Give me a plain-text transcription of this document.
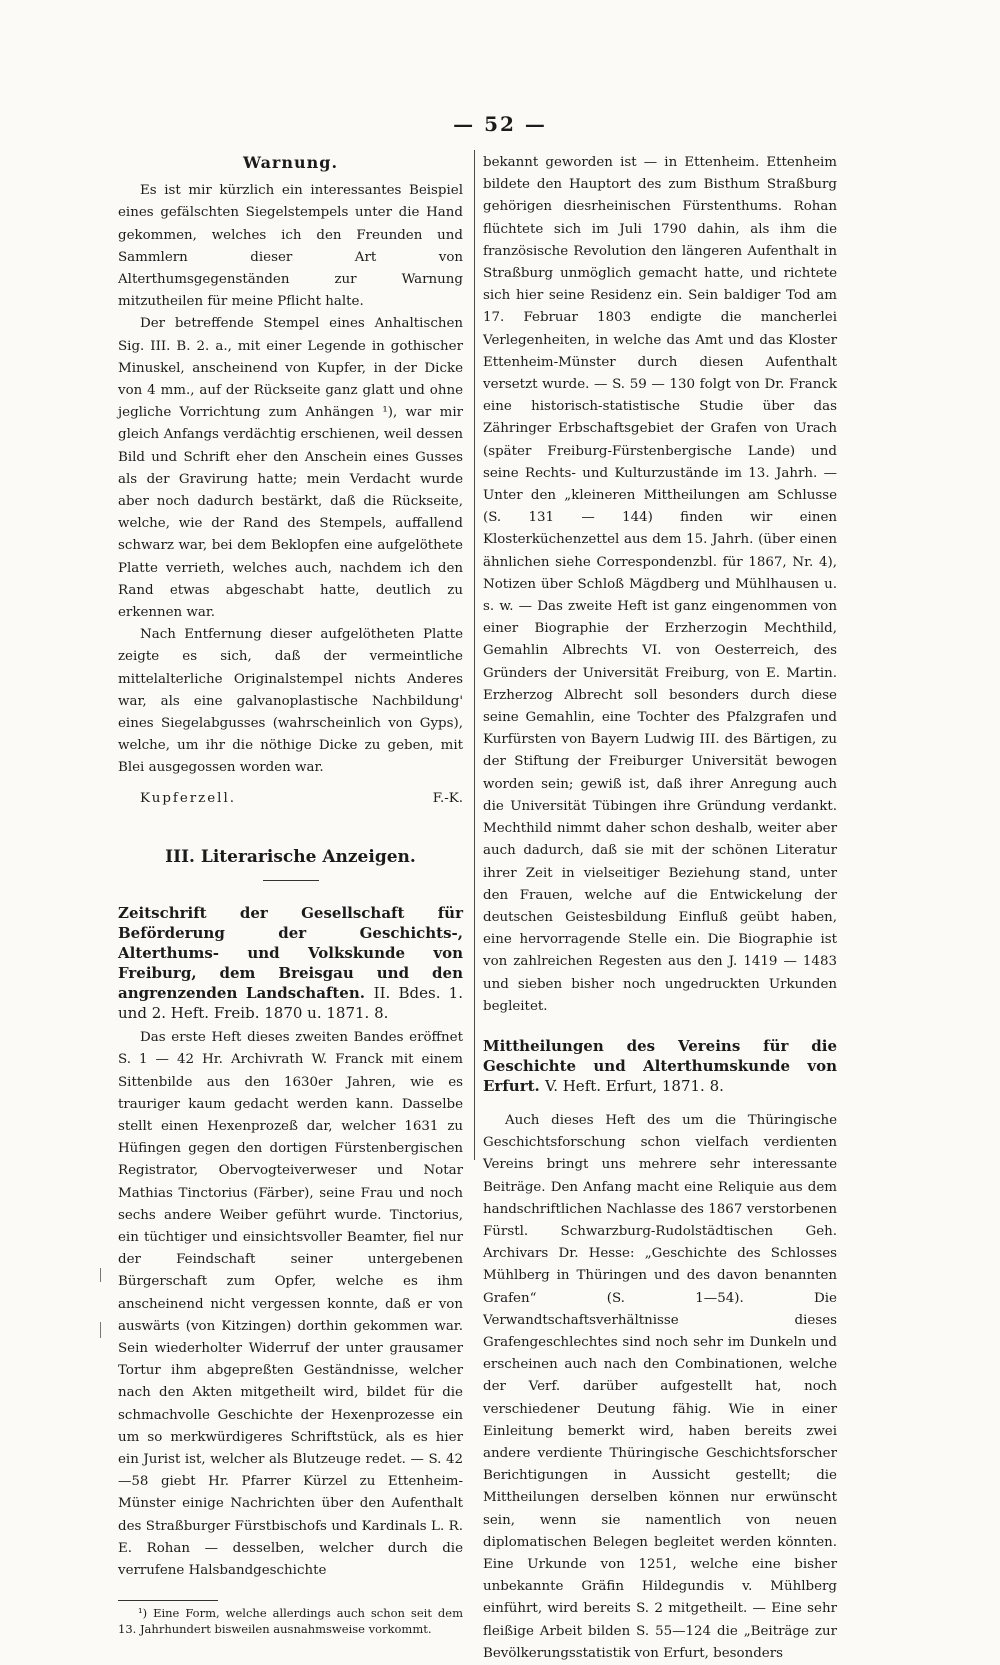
— 52 —
Warnung.

Es ist mir kürzlich ein interessantes Beispiel eines gefälschten Siegelstempels unter die Hand gekommen, welches ich den Freunden und Sammlern dieser Art von Alterthumsgegenständen zur Warnung mitzutheilen für meine Pflicht halte.

Der betreffende Stempel eines Anhaltischen Sig. III. B. 2. a., mit einer Legende in gothischer Minuskel, anscheinend von Kupfer, in der Dicke von 4 mm., auf der Rückseite ganz glatt und ohne jegliche Vorrichtung zum Anhängen ¹), war mir gleich Anfangs verdächtig erschienen, weil dessen Bild und Schrift eher den Anschein eines Gusses als der Gravirung hatte; mein Verdacht wurde aber noch dadurch bestärkt, daß die Rückseite, welche, wie der Rand des Stempels, auffallend schwarz war, bei dem Beklopfen eine aufgelöthete Platte verrieth, welches auch, nachdem ich den Rand etwas abgeschabt hatte, deutlich zu erkennen war.

Nach Entfernung dieser aufgelötheten Platte zeigte es sich, daß der vermeintliche mittelalterliche Originalstempel nichts Anderes war, als eine galvanoplastische Nachbildung' eines Siegelabgusses (wahrscheinlich von Gyps), welche, um ihr die nöthige Dicke zu geben, mit Blei ausgegossen worden war.

Kupferzell.	F.-K.
III. Literarische Anzeigen.
Zeitschrift der Gesellschaft für Beförderung der Geschichts-, Alterthums- und Volkskunde von Freiburg, dem Breisgau und den angrenzenden Landschaften. II. Bdes. 1. und 2. Heft. Freib. 1870 u. 1871. 8.

Das erste Heft dieses zweiten Bandes eröffnet S. 1 — 42 Hr. Archivrath W. Franck mit einem Sittenbilde aus den 1630er Jahren, wie es trauriger kaum gedacht werden kann. Dasselbe stellt einen Hexenprozeß dar, welcher 1631 zu Hüfingen gegen den dortigen Fürstenbergischen Registrator, Obervogteiverweser und Notar Mathias Tinctorius (Färber), seine Frau und noch sechs andere Weiber geführt wurde. Tinctorius, ein tüchtiger und einsichtsvoller Beamter, fiel nur der Feindschaft seiner untergebenen Bürgerschaft zum Opfer, welche es ihm anscheinend nicht vergessen konnte, daß er von auswärts (von Kitzingen) dorthin gekommen war. Sein wiederholter Widerruf der unter grausamer Tortur ihm abgepreßten Geständnisse, welcher nach den Akten mitgetheilt wird, bildet für die schmachvolle Geschichte der Hexenprozesse ein um so merkwürdigeres Schriftstück, als es hier ein Jurist ist, welcher als Blutzeuge redet. — S. 42—58 giebt Hr. Pfarrer Kürzel zu Ettenheim-Münster einige Nachrichten über den Aufenthalt des Straßburger Fürstbischofs und Kardinals L. R. E. Rohan — desselben, welcher durch die verrufene Halsbandgeschichte

¹) Eine Form, welche allerdings auch schon seit dem 13. Jahrhundert bisweilen ausnahmsweise vorkommt.

bekannt geworden ist — in Ettenheim. Ettenheim bildete den Hauptort des zum Bisthum Straßburg gehörigen diesrheinischen Fürstenthums. Rohan flüchtete sich im Juli 1790 dahin, als ihm die französische Revolution den längeren Aufenthalt in Straßburg unmöglich gemacht hatte, und richtete sich hier seine Residenz ein. Sein baldiger Tod am 17. Februar 1803 endigte die mancherlei Verlegenheiten, in welche das Amt und das Kloster Ettenheim-Münster durch diesen Aufenthalt versetzt wurde. — S. 59 — 130 folgt von Dr. Franck eine historisch-statistische Studie über das Zähringer Erbschaftsgebiet der Grafen von Urach (später Freiburg-Fürstenbergische Lande) und seine Rechts- und Kulturzustände im 13. Jahrh. — Unter den „kleineren Mittheilungen am Schlusse (S. 131 — 144) finden wir einen Klosterküchenzettel aus dem 15. Jahrh. (über einen ähnlichen siehe Correspondenzbl. für 1867, Nr. 4), Notizen über Schloß Mägdberg und Mühlhausen u. s. w. — Das zweite Heft ist ganz eingenommen von einer Biographie der Erzherzogin Mechthild, Gemahlin Albrechts VI. von Oesterreich, des Gründers der Universität Freiburg, von E. Martin. Erzherzog Albrecht soll besonders durch diese seine Gemahlin, eine Tochter des Pfalzgrafen und Kurfürsten von Bayern Ludwig III. des Bärtigen, zu der Stiftung der Freiburger Universität bewogen worden sein; gewiß ist, daß ihrer Anregung auch die Universität Tübingen ihre Gründung verdankt. Mechthild nimmt daher schon deshalb, weiter aber auch dadurch, daß sie mit der schönen Literatur ihrer Zeit in vielseitiger Beziehung stand, unter den Frauen, welche auf die Entwickelung der deutschen Geistesbildung Einfluß geübt haben, eine hervorragende Stelle ein. Die Biographie ist von zahlreichen Regesten aus den J. 1419 — 1483 und sieben bisher noch ungedruckten Urkunden begleitet.

Mittheilungen des Vereins für die Geschichte und Alterthumskunde von Erfurt. V. Heft. Erfurt, 1871. 8.

Auch dieses Heft des um die Thüringische Geschichtsforschung schon vielfach verdienten Vereins bringt uns mehrere sehr interessante Beiträge. Den Anfang macht eine Reliquie aus dem handschriftlichen Nachlasse des 1867 verstorbenen Fürstl. Schwarzburg-Rudolstädtischen Geh. Archivars Dr. Hesse: „Geschichte des Schlosses Mühlberg in Thüringen und des davon benannten Grafen“ (S. 1—54). Die Verwandtschaftsverhältnisse dieses Grafengeschlechtes sind noch sehr im Dunkeln und erscheinen auch nach den Combinationen, welche der Verf. darüber aufgestellt hat, noch verschiedener Deutung fähig. Wie in einer Einleitung bemerkt wird, haben bereits zwei andere verdiente Thüringische Geschichtsforscher Berichtigungen in Aussicht gestellt; die Mittheilungen derselben können nur erwünscht sein, wenn sie namentlich von neuen diplomatischen Belegen begleitet werden könnten. Eine Urkunde von 1251, welche eine bisher unbekannte Gräfin Hildegundis v. Mühlberg einführt, wird bereits S. 2 mitgetheilt. — Eine sehr fleißige Arbeit bilden S. 55—124 die „Beiträge zur Bevölkerungsstatistik von Erfurt, besonders
